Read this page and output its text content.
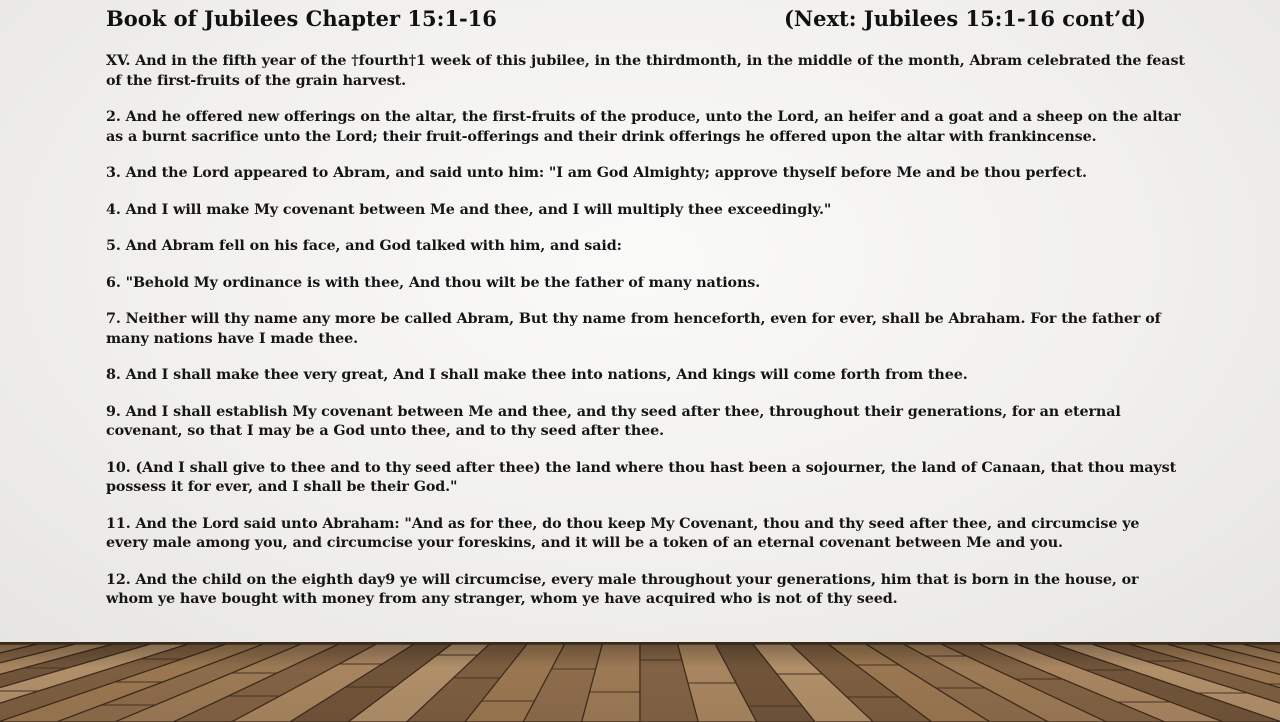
Book of Jubilees Chapter 15:1-16	(Next: Jubilees 15:1-16 cont’d)

XV. And in the fifth year of the †fourth†1 week of this jubilee, in the thirdmonth, in the middle of the month, Abram celebrated the feast of the first-fruits of the grain harvest.

2. And he offered new offerings on the altar, the first-fruits of the produce, unto the Lord, an heifer and a goat and a sheep on the altar as a burnt sacrifice unto the Lord; their fruit-offerings and their drink offerings he offered upon the altar with frankincense.

3. And the Lord appeared to Abram, and said unto him: "I am God Almighty; approve thyself before Me and be thou perfect.

4. And I will make My covenant between Me and thee, and I will multiply thee exceedingly."

5. And Abram fell on his face, and God talked with him, and said:

6. "Behold My ordinance is with thee, And thou wilt be the father of many nations.

7. Neither will thy name any more be called Abram, But thy name from henceforth, even for ever, shall be Abraham. For the father of many nations have I made thee.

8. And I shall make thee very great, And I shall make thee into nations, And kings will come forth from thee.

9. And I shall establish My covenant between Me and thee, and thy seed after thee, throughout their generations, for an eternal covenant, so that I may be a God unto thee, and to thy seed after thee.

10. (And I shall give to thee and to thy seed after thee) the land where thou hast been a sojourner, the land of Canaan, that thou mayst possess it for ever, and I shall be their God."

11. And the Lord said unto Abraham: "And as for thee, do thou keep My Covenant, thou and thy seed after thee, and circumcise ye every male among you, and circumcise your foreskins, and it will be a token of an eternal covenant between Me and you.

12. And the child on the eighth day9 ye will circumcise, every male throughout your generations, him that is born in the house, or whom ye have bought with money from any stranger, whom ye have acquired who is not of thy seed.
